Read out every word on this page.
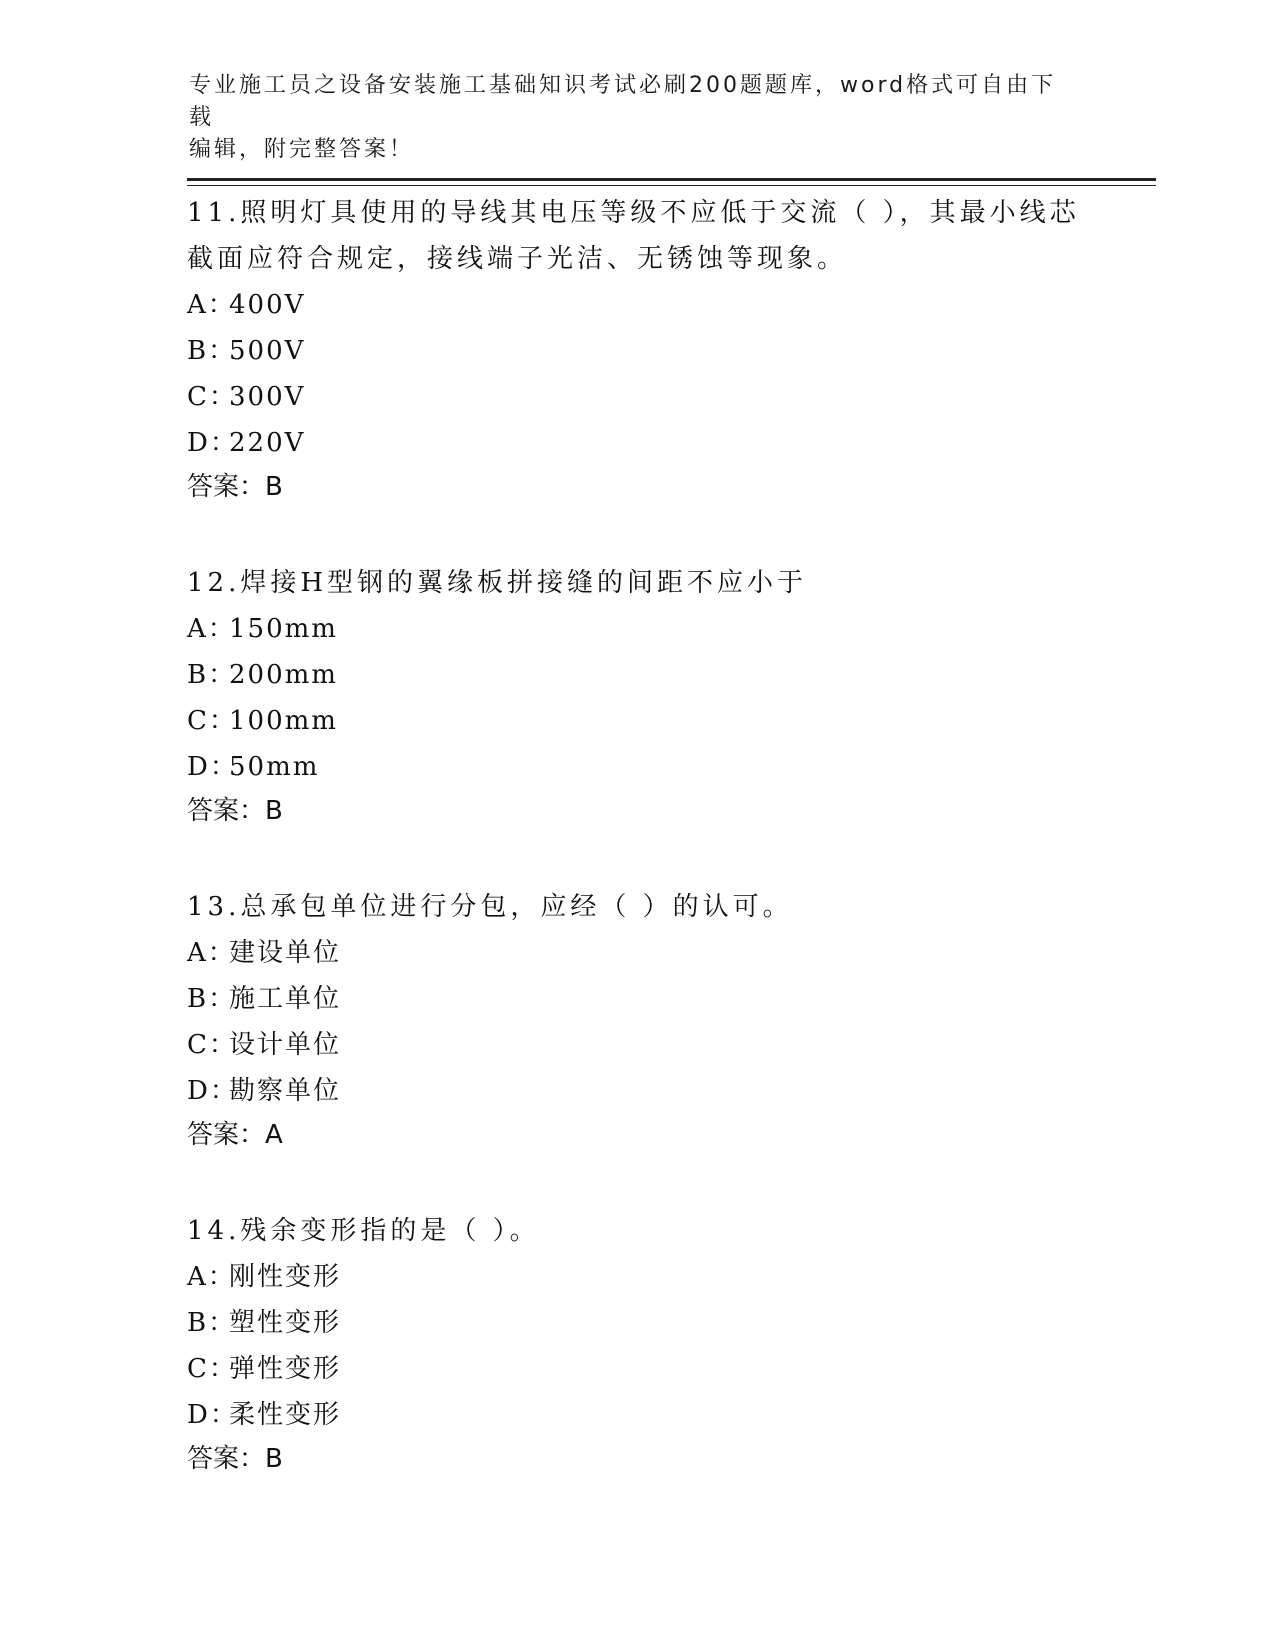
专业施工员之设备安装施工基础知识考试必刷200题题库，word格式可自由下载
编辑，附完整答案！

11.照明灯具使用的导线其电压等级不应低于交流（ ），其最小线芯

截面应符合规定，接线端子光洁、无锈蚀等现象。

A：400V

B：500V

C：300V

D：220V

答案：B

12.焊接H型钢的翼缘板拼接缝的间距不应小于

A：150mm

B：200mm

C：100mm

D：50mm

答案：B

13.总承包单位进行分包，应经（ ）的认可。

A：建设单位

B：施工单位

C：设计单位

D：勘察单位

答案：A

14.残余变形指的是（ ）。

A：刚性变形

B：塑性变形

C：弹性变形

D：柔性变形

答案：B
